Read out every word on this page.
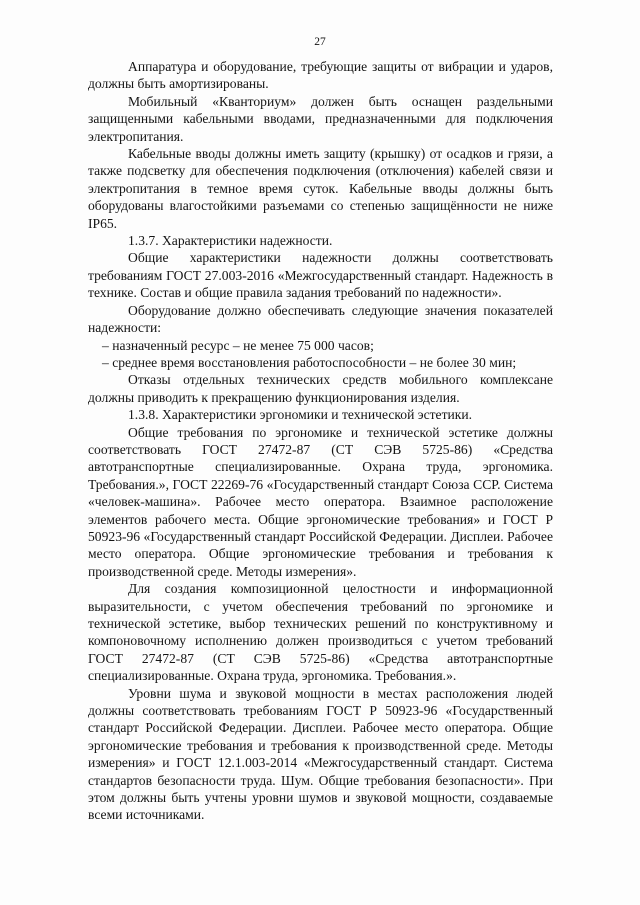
27

Аппаратура и оборудование, требующие защиты от вибрации и ударов, должны быть амортизированы.

Мобильный «Кванториум» должен быть оснащен раздельными защищенными кабельными вводами, предназначенными для подключения электропитания.

Кабельные вводы должны иметь защиту (крышку) от осадков и грязи, а также подсветку для обеспечения подключения (отключения) кабелей связи и электропитания в темное время суток. Кабельные вводы должны быть оборудованы влагостойкими разъемами со степенью защищённости не ниже IP65.

1.3.7. Характеристики надежности.

Общие характеристики надежности должны соответствовать требованиям ГОСТ 27.003-2016 «Межгосударственный стандарт. Надежность в технике. Состав и общие правила задания требований по надежности».

Оборудование должно обеспечивать следующие значения показателей надежности:

– назначенный ресурс – не менее 75 000 часов;

– среднее время восстановления работоспособности – не более 30 мин;

Отказы отдельных технических средств мобильного комплексане должны приводить к прекращению функционирования изделия.

1.3.8. Характеристики эргономики и технической эстетики.

Общие требования по эргономике и технической эстетике должны соответствовать ГОСТ 27472-87 (СТ СЭВ 5725-86) «Средства автотранспортные специализированные. Охрана труда, эргономика. Требования.», ГОСТ 22269-76 «Государственный стандарт Союза ССР. Система «человек-машина». Рабочее место оператора. Взаимное расположение элементов рабочего места. Общие эргономические требования» и ГОСТ Р 50923-96 «Государственный стандарт Российской Федерации. Дисплеи. Рабочее место оператора. Общие эргономические требования и требования к производственной среде. Методы измерения».

Для создания композиционной целостности и информационной выразительности, с учетом обеспечения требований по эргономике и технической эстетике, выбор технических решений по конструктивному и компоновочному исполнению должен производиться с учетом требований ГОСТ 27472-87 (СТ СЭВ 5725-86) «Средства автотранспортные специализированные. Охрана труда, эргономика. Требования.».

Уровни шума и звуковой мощности в местах расположения людей должны соответствовать требованиям ГОСТ Р 50923-96 «Государственный стандарт Российской Федерации. Дисплеи. Рабочее место оператора. Общие эргономические требования и требования к производственной среде. Методы измерения» и ГОСТ 12.1.003-2014 «Межгосударственный стандарт. Система стандартов безопасности труда. Шум. Общие требования безопасности». При этом должны быть учтены уровни шумов и звуковой мощности, создаваемые всеми источниками.
